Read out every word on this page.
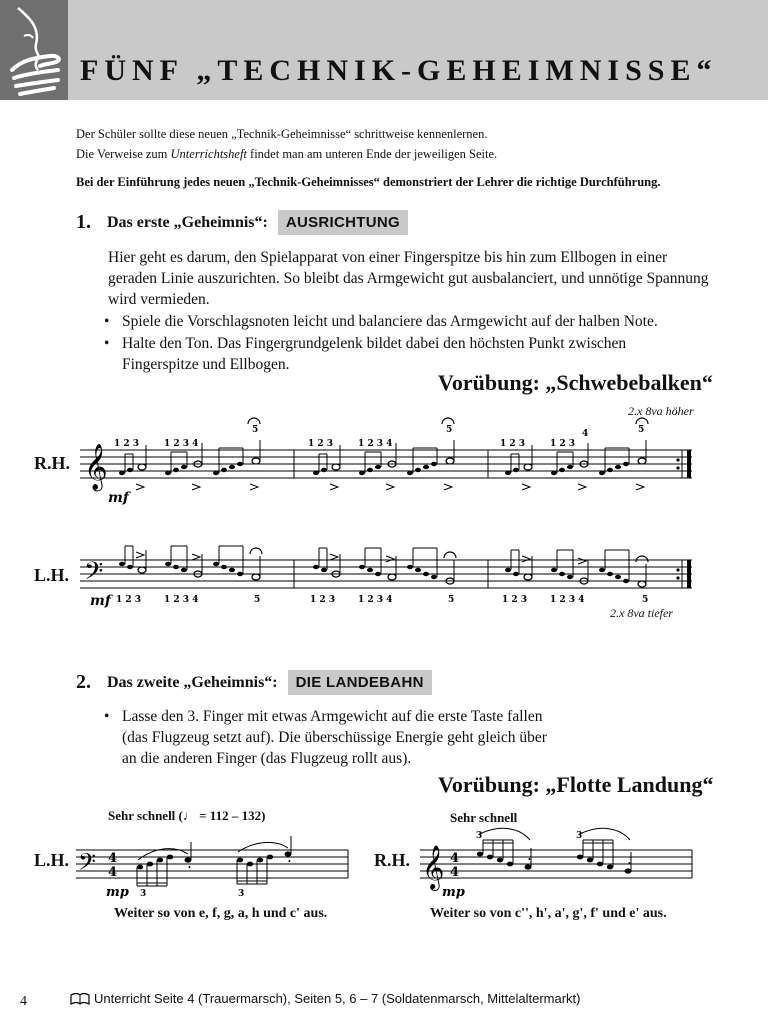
FÜNF „TECHNIK-GEHEIMNISSE“
Der Schüler sollte diese neuen „Technik-Geheimnisse“ schrittweise kennenlernen.
Die Verweise zum Unterrichtsheft findet man am unteren Ende der jeweiligen Seite.
Bei der Einführung jedes neuen „Technik-Geheimnisses“ demonstriert der Lehrer die richtige Durchführung.
1. Das erste „Geheimnis“:	AUSRICHTUNG
Hier geht es darum, den Spielapparat von einer Fingerspitze bis hin zum Ellbogen in einer geraden Linie auszurichten. So bleibt das Armgewicht gut ausbalanciert, und unnötige Spannung wird vermieden.
• Spiele die Vorschlagsnoten leicht und balanciere das Armgewicht auf der halben Note.
• Halte den Ton. Das Fingergrundgelenk bildet dabei den höchsten Punkt zwischen Fingerspitze und Ellbogen.
Vorübung: „Schwebebalken“
2.x 8va höher
R.H.
L.H.
𝄞 1 2 3	1 2 3 4
5
1 2 3	1 2 3 4
5
1 2 3	1 2 3
4	5
mf
𝄢
1 2 3	1 2 3 4	5	1 2 3	1 2 3 4	5	1 2 3	1 2 3 4	5
mf
2.x 8va tiefer
2. Das zweite „Geheimnis“:	DIE LANDEBAHN
• Lasse den 3. Finger mit etwas Armgewicht auf die erste Taste fallen (das Flugzeug setzt auf). Die überschüssige Energie geht gleich über an die anderen Finger (das Flugzeug rollt aus).
Vorübung: „Flotte Landung“
Sehr schnell (♩ = 112 – 132)	Sehr schnell
L.H.	R.H.
𝄢 4
4	•
•
3	3
mp
𝄞 4
4
•	•
3	3
mp
Weiter so von e, f, g, a, h und c' aus.	Weiter so von c'', h', a', g', f' und e' aus.
4	Unterricht Seite 4 (Trauermarsch), Seiten 5, 6 – 7 (Soldatenmarsch, Mittelaltermarkt)
